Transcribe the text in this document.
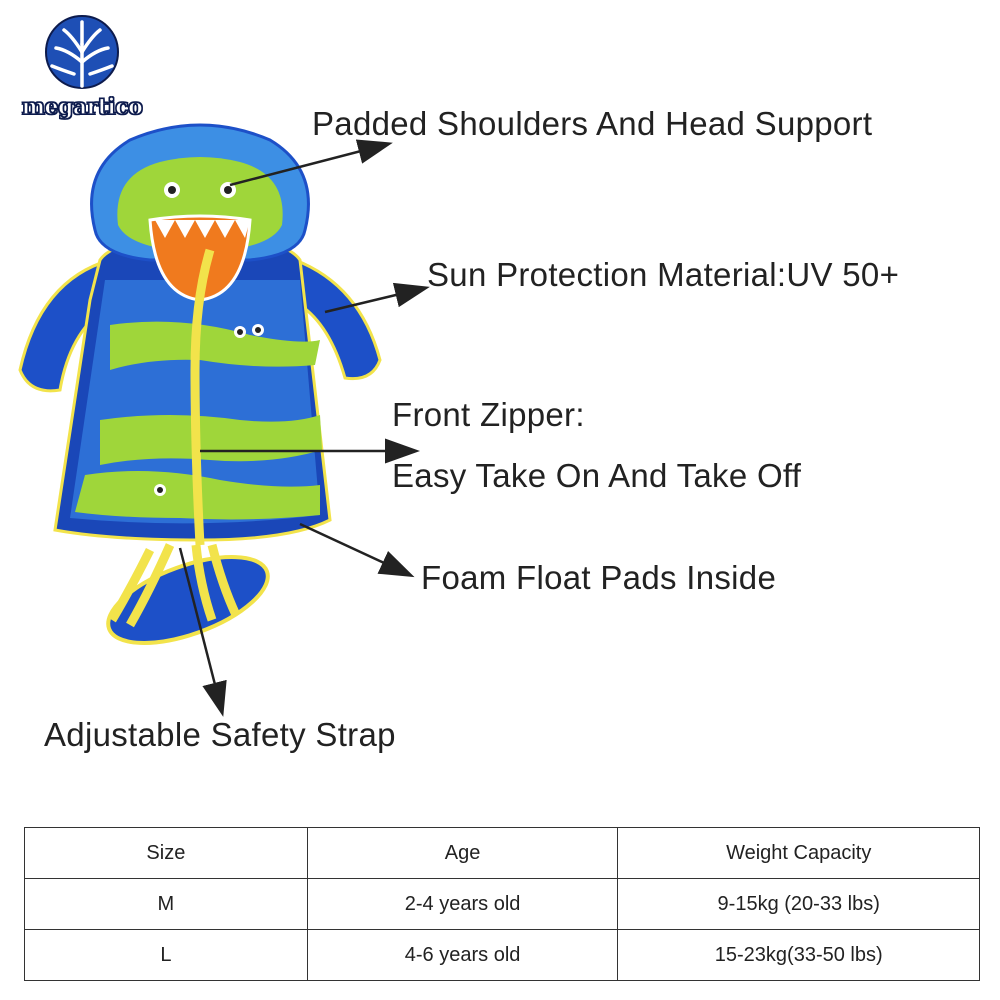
megartico	Padded Shoulders And Head Support
Sun Protection Material:UV 50+
Front Zipper:
Easy Take On And Take Off
Foam Float Pads Inside
Adjustable Safety Strap
Size	Age	Weight Capacity
M	2-4 years old	9-15kg (20-33 lbs)
L	4-6 years old	15-23kg(33-50 lbs)
